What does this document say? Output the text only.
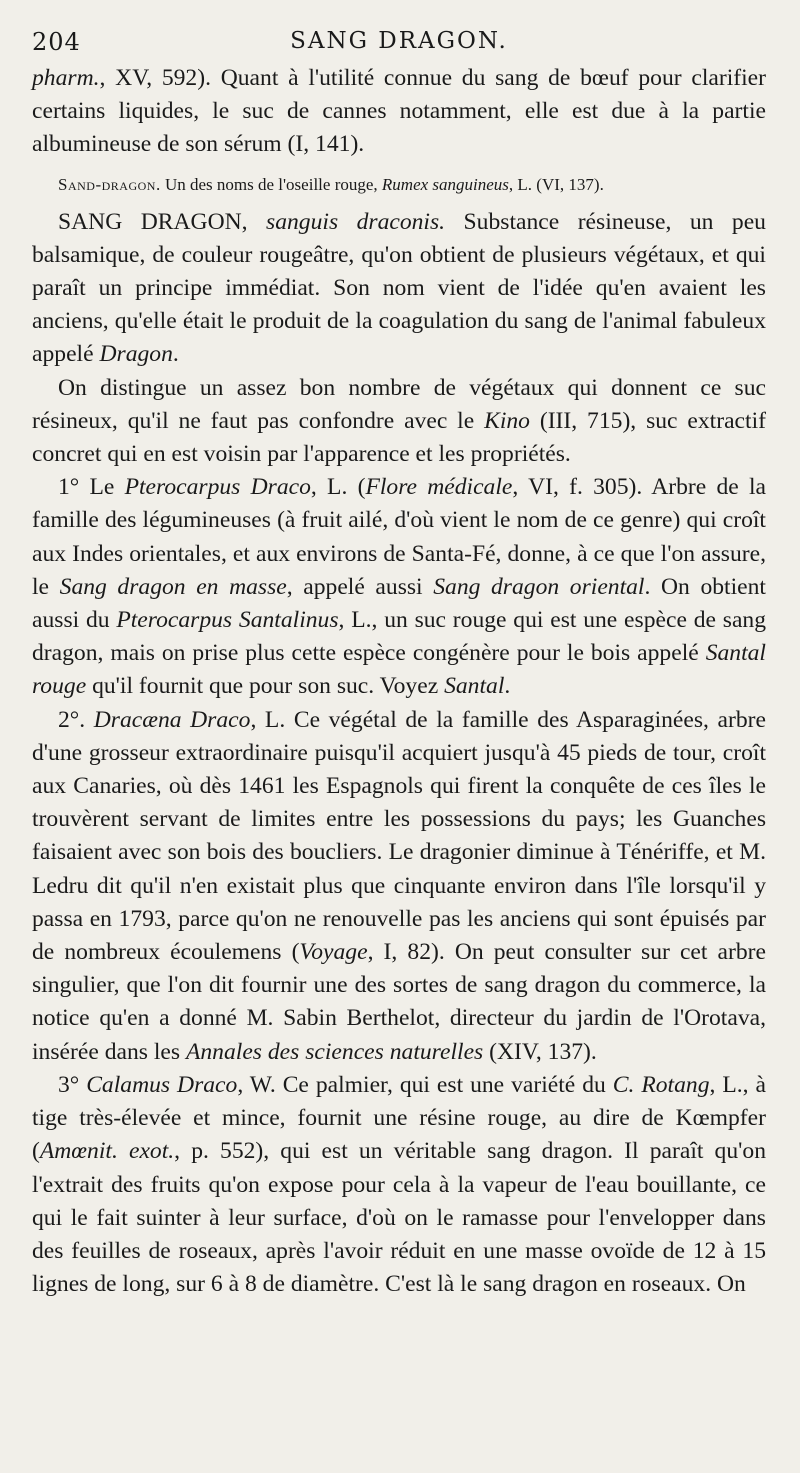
204	SANG DRAGON.

pharm., XV, 592). Quant à l'utilité connue du sang de bœuf pour clarifier certains liquides, le suc de cannes notamment, elle est due à la partie albumineuse de son sérum (I, 141).

Sand-dragon. Un des noms de l'oseille rouge, Rumex sanguineus, L. (VI, 137).

SANG DRAGON, sanguis draconis. Substance résineuse, un peu balsamique, de couleur rougeâtre, qu'on obtient de plusieurs végétaux, et qui paraît un principe immédiat. Son nom vient de l'idée qu'en avaient les anciens, qu'elle était le produit de la coagulation du sang de l'animal fabuleux appelé Dragon.

On distingue un assez bon nombre de végétaux qui donnent ce suc résineux, qu'il ne faut pas confondre avec le Kino (III, 715), suc extractif concret qui en est voisin par l'apparence et les propriétés.

1° Le Pterocarpus Draco, L. (Flore médicale, VI, f. 305). Arbre de la famille des légumineuses (à fruit ailé, d'où vient le nom de ce genre) qui croît aux Indes orientales, et aux environs de Santa-Fé, donne, à ce que l'on assure, le Sang dragon en masse, appelé aussi Sang dragon oriental. On obtient aussi du Pterocarpus Santalinus, L., un suc rouge qui est une espèce de sang dragon, mais on prise plus cette espèce congénère pour le bois appelé Santal rouge qu'il fournit que pour son suc. Voyez Santal.

2°. Dracæna Draco, L. Ce végétal de la famille des Asparaginées, arbre d'une grosseur extraordinaire puisqu'il acquiert jusqu'à 45 pieds de tour, croît aux Canaries, où dès 1461 les Espagnols qui firent la conquête de ces îles le trouvèrent servant de limites entre les possessions du pays; les Guanches faisaient avec son bois des boucliers. Le dragonier diminue à Ténériffe, et M. Ledru dit qu'il n'en existait plus que cinquante environ dans l'île lorsqu'il y passa en 1793, parce qu'on ne renouvelle pas les anciens qui sont épuisés par de nombreux écoulemens (Voyage, I, 82). On peut consulter sur cet arbre singulier, que l'on dit fournir une des sortes de sang dragon du commerce, la notice qu'en a donné M. Sabin Berthelot, directeur du jardin de l'Orotava, insérée dans les Annales des sciences naturelles (XIV, 137).

3° Calamus Draco, W. Ce palmier, qui est une variété du C. Rotang, L., à tige très-élevée et mince, fournit une résine rouge, au dire de Kœmpfer (Amœnit. exot., p. 552), qui est un véritable sang dragon. Il paraît qu'on l'extrait des fruits qu'on expose pour cela à la vapeur de l'eau bouillante, ce qui le fait suinter à leur surface, d'où on le ramasse pour l'envelopper dans des feuilles de roseaux, après l'avoir réduit en une masse ovoïde de 12 à 15 lignes de long, sur 6 à 8 de diamètre. C'est là le sang dragon en roseaux. On
